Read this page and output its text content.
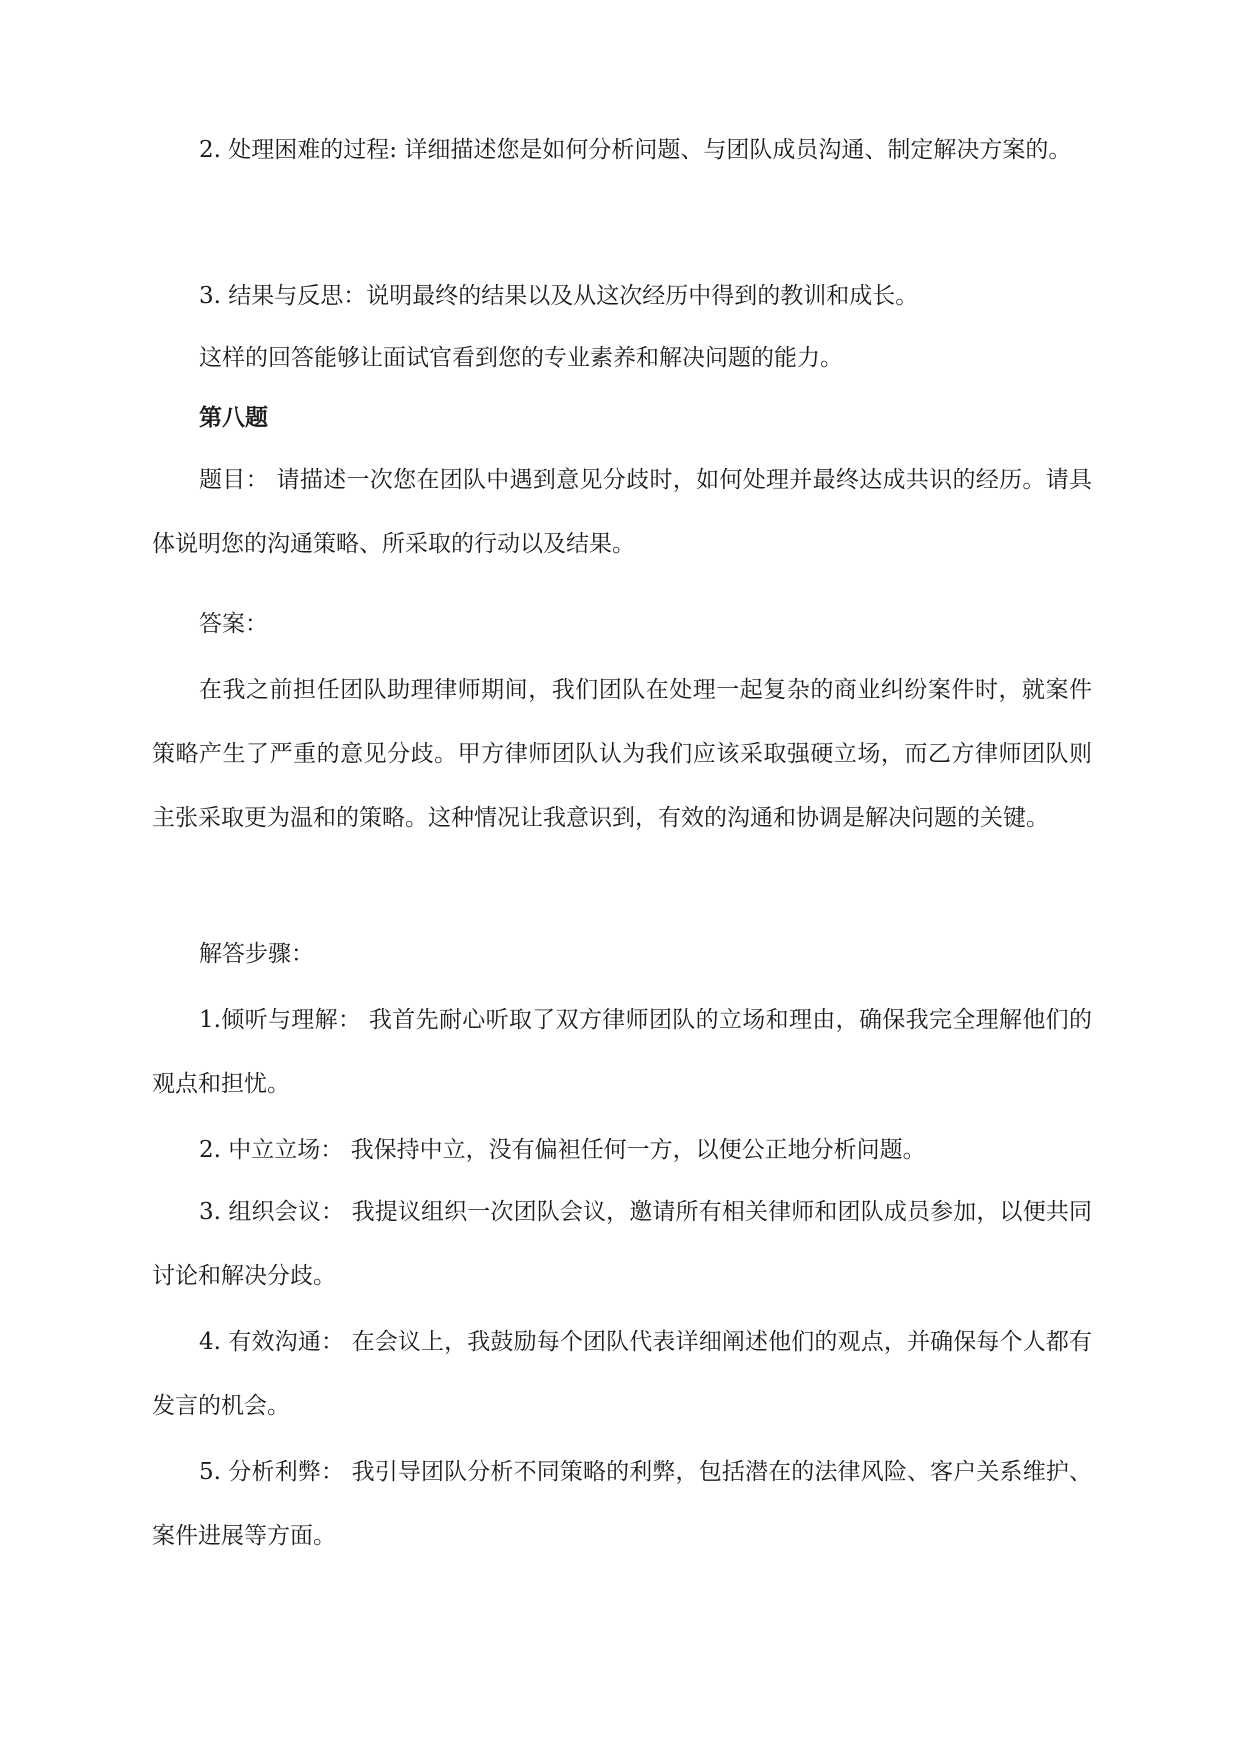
2. 处理困难的过程: 详细描述您是如何分析问题、与团队成员沟通、制定解决方案的。

3. 结果与反思：说明最终的结果以及从这次经历中得到的教训和成长。

这样的回答能够让面试官看到您的专业素养和解决问题的能力。

第八题

题目： 请描述一次您在团队中遇到意见分歧时，如何处理并最终达成共识的经历。请具体说明您的沟通策略、所采取的行动以及结果。

答案：

在我之前担任团队助理律师期间，我们团队在处理一起复杂的商业纠纷案件时，就案件策略产生了严重的意见分歧。甲方律师团队认为我们应该采取强硬立场，而乙方律师团队则主张采取更为温和的策略。这种情况让我意识到，有效的沟通和协调是解决问题的关键。

解答步骤：

1.倾听与理解： 我首先耐心听取了双方律师团队的立场和理由，确保我完全理解他们的观点和担忧。

2. 中立立场： 我保持中立，没有偏袒任何一方，以便公正地分析问题。

3. 组织会议： 我提议组织一次团队会议，邀请所有相关律师和团队成员参加，以便共同讨论和解决分歧。

4. 有效沟通： 在会议上，我鼓励每个团队代表详细阐述他们的观点，并确保每个人都有发言的机会。

5. 分析利弊： 我引导团队分析不同策略的利弊，包括潜在的法律风险、客户关系维护、案件进展等方面。
